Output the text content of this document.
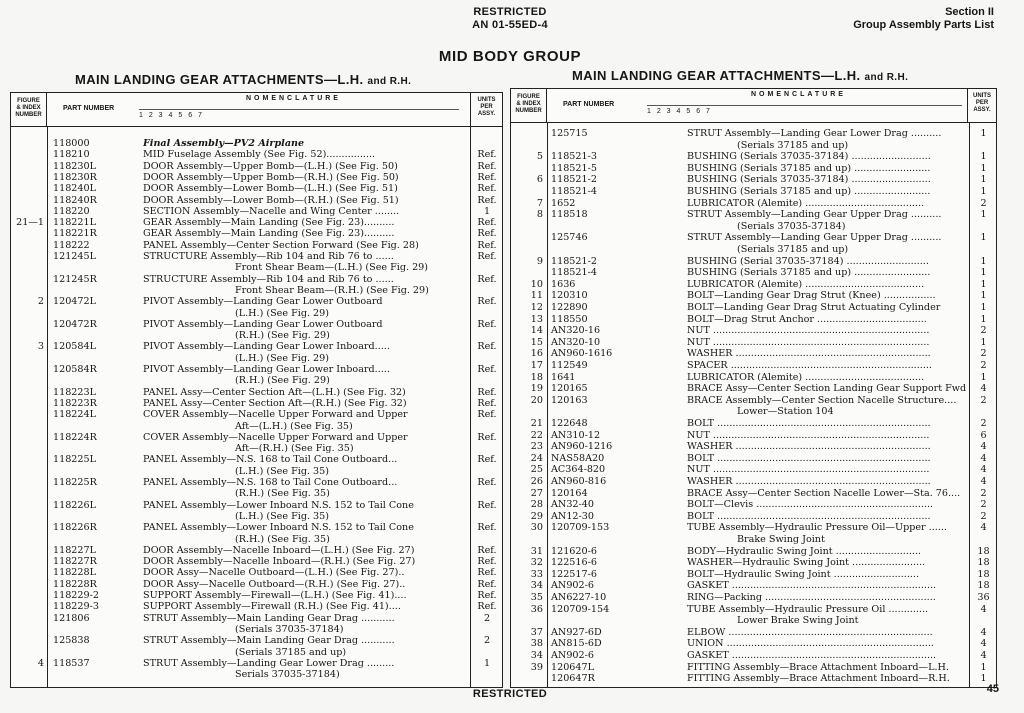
RESTRICTED
AN 01-55ED-4
Section II
Group Assembly Parts List
MID BODY GROUP
MAIN LANDING GEAR ATTACHMENTS—L.H. and R.H.	MAIN LANDING GEAR ATTACHMENTS—L.H. and R.H.
FIGURE
& INDEX
NUMBER
PART NUMBER
NOMENCLATURE
1 2 3 4 5 6 7
UNITS
PER
ASSY.
118000	Final Assembly—PV2 Airplane
118210	MID Fuselage Assembly (See Fig. 52)................	Ref.
118230L	DOOR Assembly—Upper Bomb—(L.H.) (See Fig. 50)	Ref.
118230R	DOOR Assembly—Upper Bomb—(R.H.) (See Fig. 50)	Ref.
118240L	DOOR Assembly—Lower Bomb—(L.H.) (See Fig. 51)	Ref.
118240R	DOOR Assembly—Lower Bomb—(R.H.) (See Fig. 51)	Ref.
118220	SECTION Assembly—Nacelle and Wing Center ........	1
21—1 118221L	GEAR Assembly—Main Landing (See Fig. 23)..........	Ref.
118221R	GEAR Assembly—Main Landing (See Fig. 23)..........	Ref.
118222	PANEL Assembly—Center Section Forward (See Fig. 28)	Ref.
121245L	STRUCTURE Assembly—Rib 104 and Rib 76 to ......	Ref.
Front Shear Beam—(L.H.) (See Fig. 29)
121245R	STRUCTURE Assembly—Rib 104 and Rib 76 to ......	Ref.
Front Shear Beam—(R.H.) (See Fig. 29)
2 120472L	PIVOT Assembly—Landing Gear Lower Outboard	Ref.
(L.H.) (See Fig. 29)
120472R	PIVOT Assembly—Landing Gear Lower Outboard	Ref.
(R.H.) (See Fig. 29)
3 120584L	PIVOT Assembly—Landing Gear Lower Inboard.....	Ref.
(L.H.) (See Fig. 29)
120584R	PIVOT Assembly—Landing Gear Lower Inboard.....	Ref.
(R.H.) (See Fig. 29)
118223L	PANEL Assy—Center Section Aft—(L.H.) (See Fig. 32)	Ref.
118223R	PANEL Assy—Center Section Aft—(R.H.) (See Fig. 32)	Ref.
118224L	COVER Assembly—Nacelle Upper Forward and Upper	Ref.
Aft—(L.H.) (See Fig. 35)
118224R	COVER Assembly—Nacelle Upper Forward and Upper	Ref.
Aft—(R.H.) (See Fig. 35)
118225L	PANEL Assembly—N.S. 168 to Tail Cone Outboard...	Ref.
(L.H.) (See Fig. 35)
118225R	PANEL Assembly—N.S. 168 to Tail Cone Outboard...	Ref.
(R.H.) (See Fig. 35)
118226L	PANEL Assembly—Lower Inboard N.S. 152 to Tail Cone	Ref.
(L.H.) (See Fig. 35)
118226R	PANEL Assembly—Lower Inboard N.S. 152 to Tail Cone	Ref.
(R.H.) (See Fig. 35)
118227L	DOOR Assembly—Nacelle Inboard—(L.H.) (See Fig. 27)	Ref.
118227R	DOOR Assembly—Nacelle Inboard—(R.H.) (See Fig. 27)	Ref.
118228L	DOOR Assy—Nacelle Outboard—(L.H.) (See Fig. 27)..	Ref.
118228R	DOOR Assy—Nacelle Outboard—(R.H.) (See Fig. 27)..	Ref.
118229-2	SUPPORT Assembly—Firewall—(L.H.) (See Fig. 41)....	Ref.
118229-3	SUPPORT Assembly—Firewall (R.H.) (See Fig. 41)....	Ref.
121806	STRUT Assembly—Main Landing Gear Drag ...........	2
(Serials 37035-37184)
125838	STRUT Assembly—Main Landing Gear Drag ...........	2
(Serials 37185 and up)
4 118537	STRUT Assembly—Landing Gear Lower Drag .........	1
Serials 37035-37184)
FIGURE
& INDEX
NUMBER
PART NUMBER
NOMENCLATURE
1 2 3 4 5 6 7
UNITS
PER
ASSY.
125715	STRUT Assembly—Landing Gear Lower Drag ..........	1
(Serials 37185 and up)
5 118521-3	BUSHING (Serials 37035-37184) ..........................	1
118521-5	BUSHING (Serials 37185 and up) .........................	1
6 118521-2	BUSHING (Serials 37035-37184) ..........................	1
118521-4	BUSHING (Serials 37185 and up) .........................	1
7 1652	LUBRICATOR (Alemite) .......................................	2
8 118518	STRUT Assembly—Landing Gear Upper Drag ..........	1
(Serials 37035-37184)
125746	STRUT Assembly—Landing Gear Upper Drag ..........	1
(Serials 37185 and up)
9 118521-2	BUSHING (Serial 37035-37184) ...........................	1
118521-4	BUSHING (Serials 37185 and up) .........................	1
10 1636	LUBRICATOR (Alemite) .......................................	1
11 120310	BOLT—Landing Gear Drag Strut (Knee) .................	1
12 122890	BOLT—Landing Gear Drag Strut Actuating Cylinder	1
13 118550	BOLT—Drag Strut Anchor ....................................	1
14 AN320-16	NUT .......................................................................	2
15 AN320-10	NUT .......................................................................	1
16 AN960-1616	WASHER ................................................................	2
17 112549	SPACER ..................................................................	2
18 1641	LUBRICATOR (Alemite) .......................................	1
19 120165	BRACE Assy—Center Section Landing Gear Support Fwd	4
20 120163	BRACE Assembly—Center Section Nacelle Structure....	2
Lower—Station 104
21 122648	BOLT ......................................................................	2
22 AN310-12	NUT .......................................................................	6
23 AN960-1216	WASHER ................................................................	4
24 NAS58A20	BOLT ......................................................................	4
25 AC364-820	NUT .......................................................................	4
26 AN960-816	WASHER ................................................................	4
27 120164	BRACE Assy—Center Section Nacelle Lower—Sta. 76....	2
28 AN32-40	BOLT—Clevis ..........................................................	2
29 AN12-30	BOLT ......................................................................	2
30 120709-153	TUBE Assembly—Hydraulic Pressure Oil—Upper ......	4
Brake Swing Joint
31 121620-6	BODY—Hydraulic Swing Joint ............................	18
32 122516-6	WASHER—Hydraulic Swing Joint ........................	18
33 122517-6	BOLT—Hydraulic Swing Joint ............................	18
34 AN902-6	GASKET ...................................................................	18
35 AN6227-10	RING—Packing ........................................................	36
36 120709-154	TUBE Assembly—Hydraulic Pressure Oil .............	4
Lower Brake Swing Joint
37 AN927-6D	ELBOW ...................................................................	4
38 AN815-6D	UNION ....................................................................	4
34 AN902-6	GASKET ...................................................................	4
39 120647L	FITTING Assembly—Brace Attachment Inboard—L.H.	1
120647R	FITTING Assembly—Brace Attachment Inboard—R.H.	1
RESTRICTED	45
